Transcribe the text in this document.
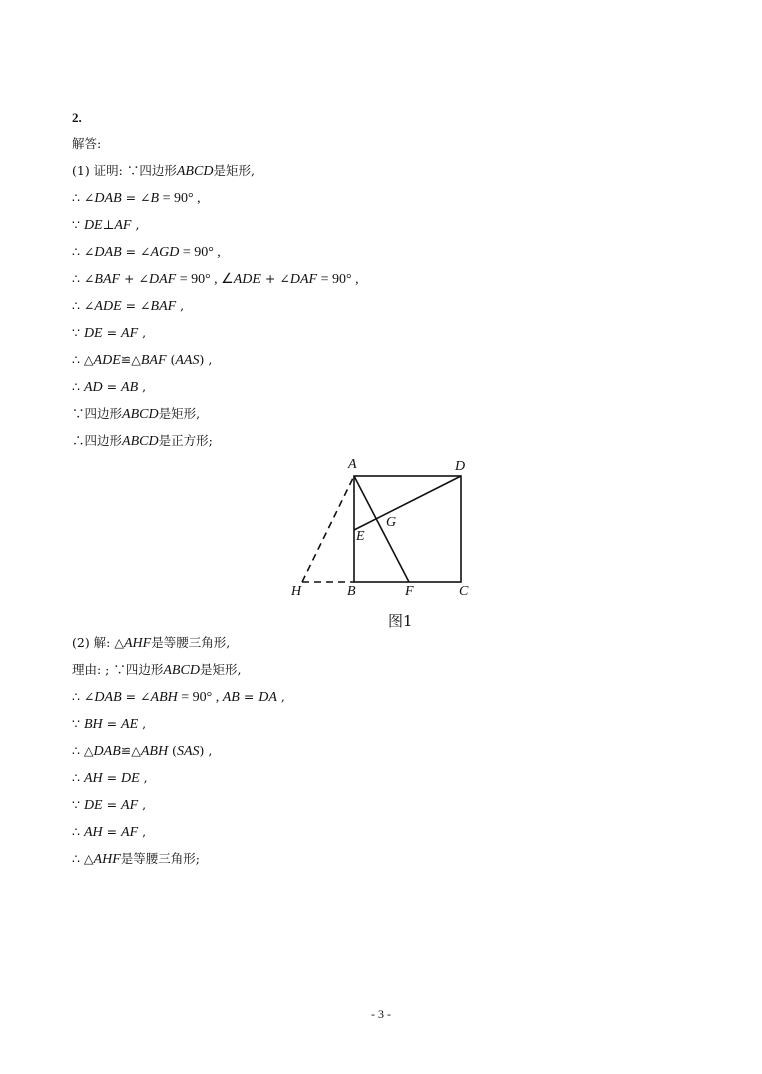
2.
解答:
(1) 证明: ∵四边形ABCD是矩形,
∴ ∠DAB = ∠B = 90° ,
∵ DE⊥AF ,
∴ ∠DAB = ∠AGD = 90° ,
∴ ∠BAF + ∠DAF = 90° , ∠ADE + ∠DAF = 90° ,
∴ ∠ADE = ∠BAF ,
∵ DE = AF ,
∴ △ADE≌△BAF (AAS) ,
∴ AD = AB ,
∵四边形ABCD是矩形,
∴四边形ABCD是正方形;
A	D
G
E
H	B	F	C
图1
(2) 解: △AHF是等腰三角形,
理由: ; ∵四边形ABCD是矩形,
∴ ∠DAB = ∠ABH = 90° , AB = DA ,
∵ BH = AE ,
∴ △DAB≌△ABH (SAS) ,
∴ AH = DE ,
∵ DE = AF ,
∴ AH = AF ,
∴ △AHF是等腰三角形;
- 3 -
